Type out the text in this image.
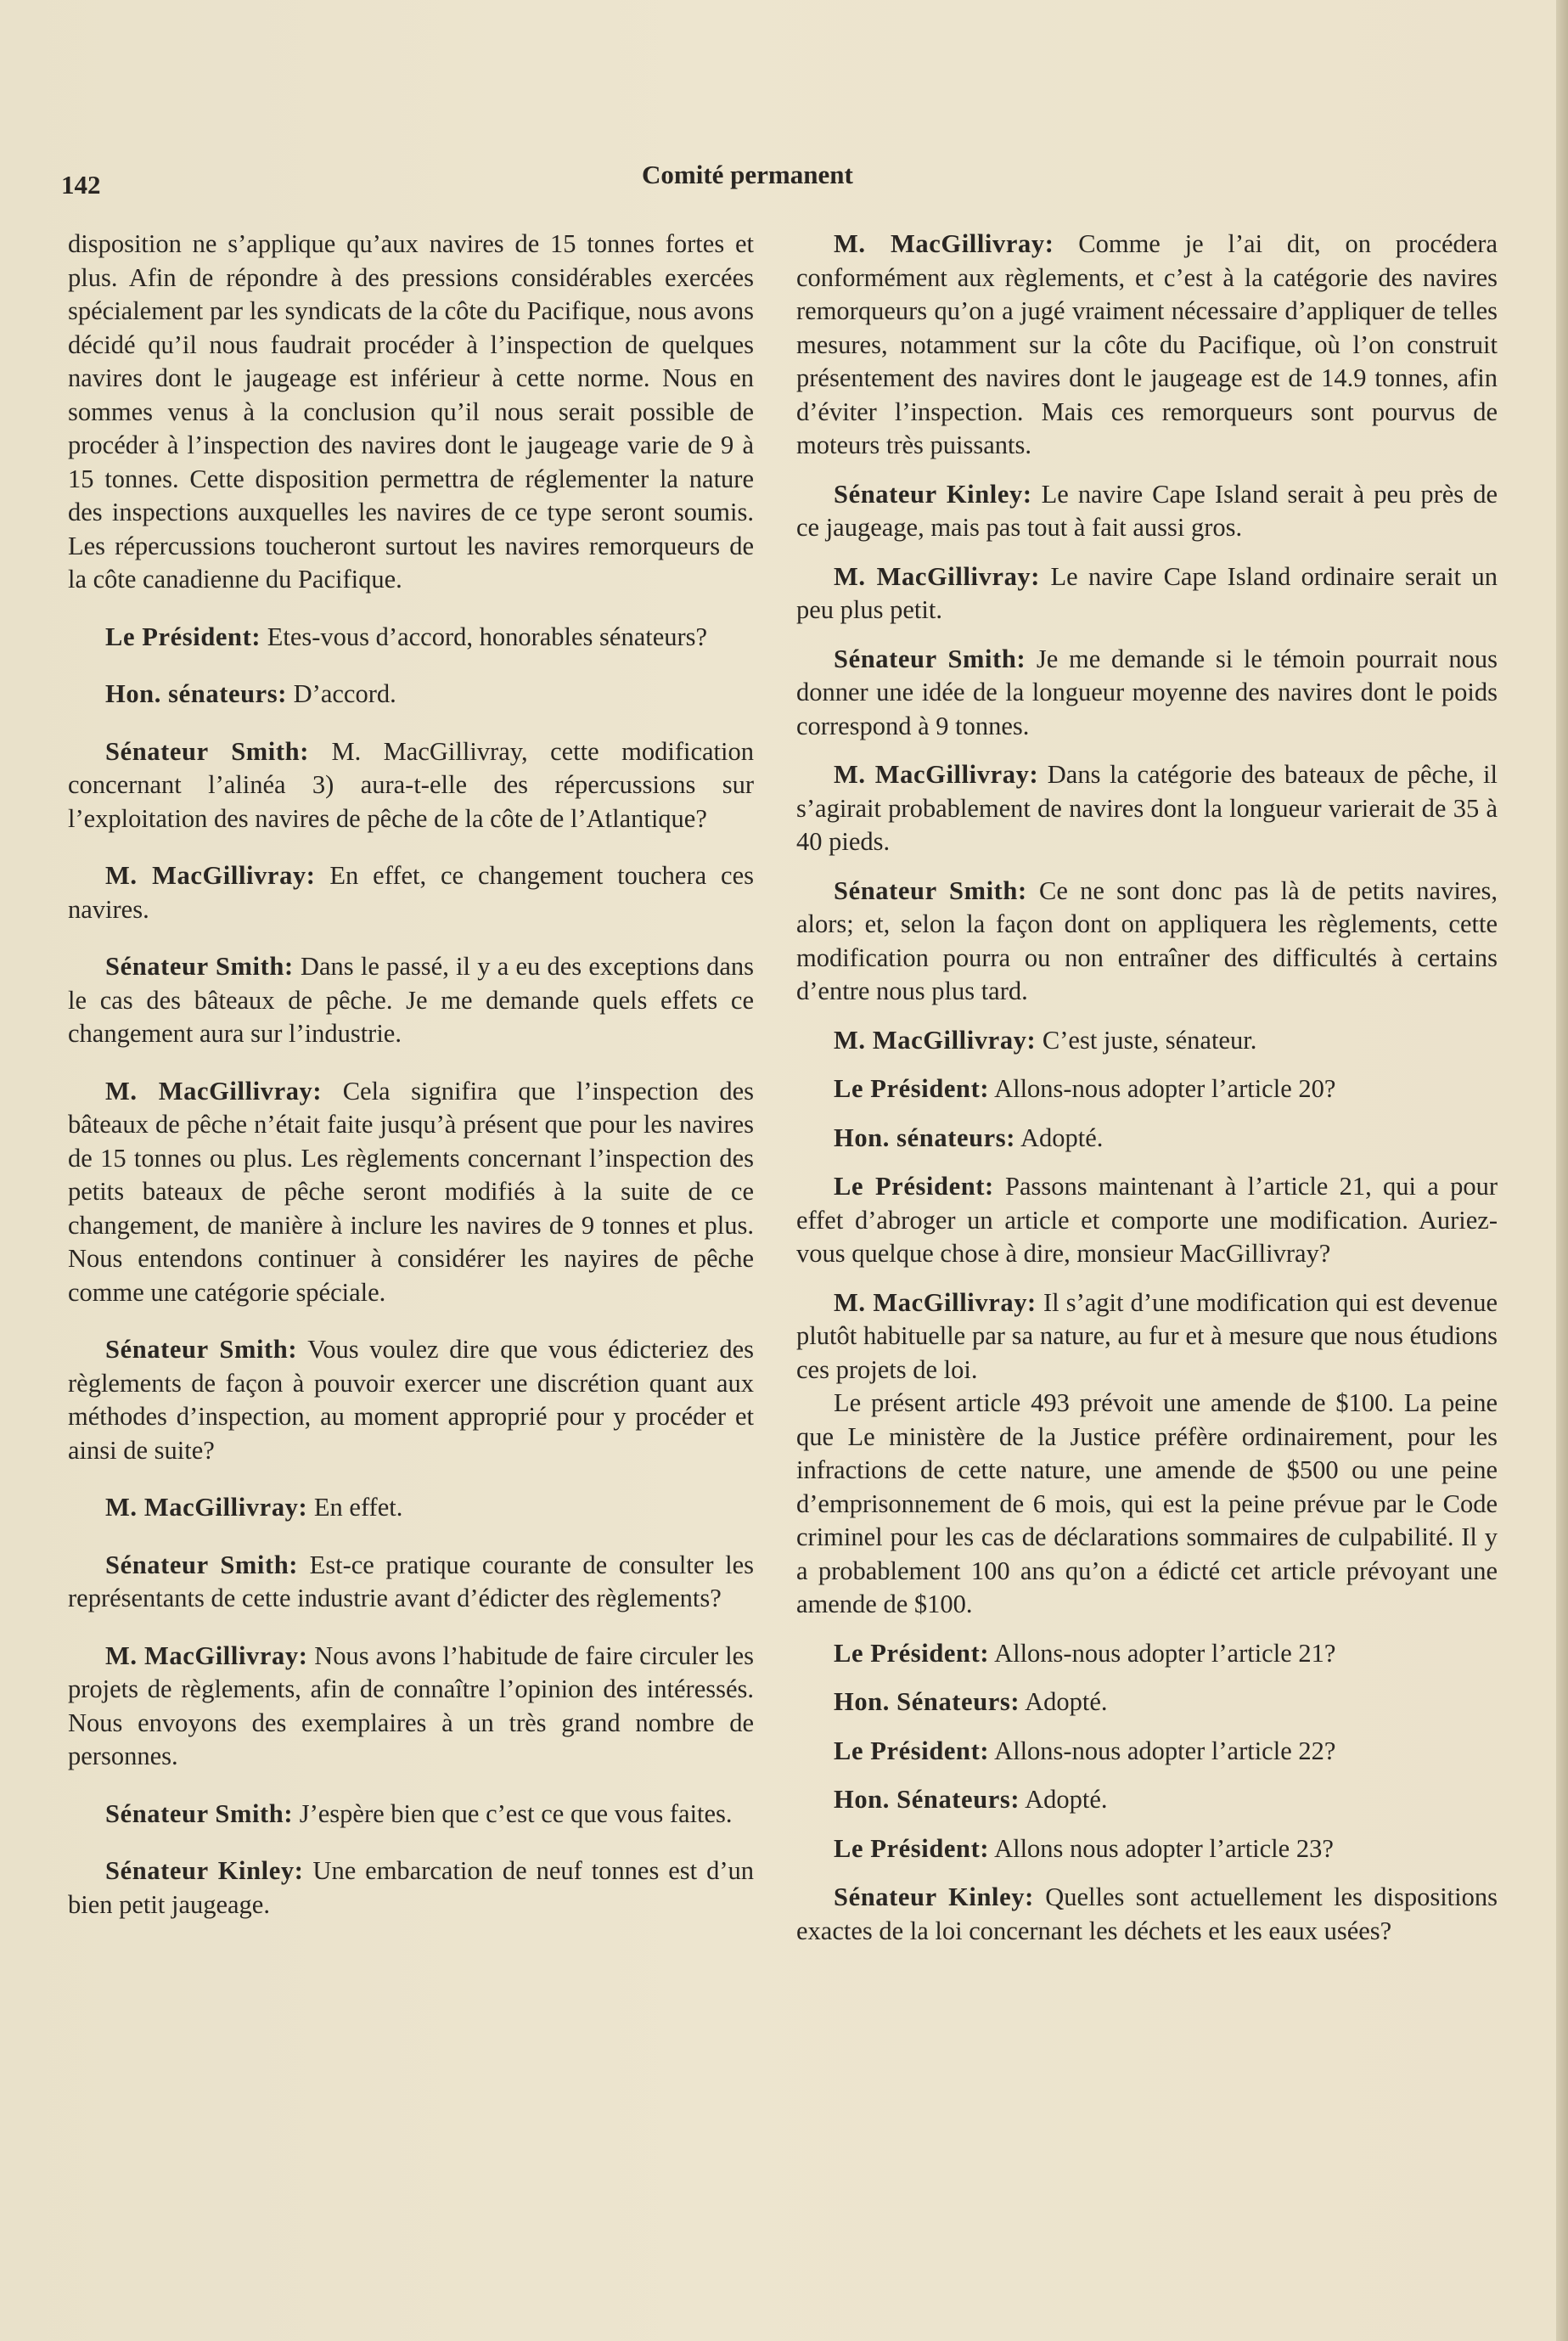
142	Comité permanent

disposition ne s’applique qu’aux navires de 15 tonnes fortes et plus. Afin de répondre à des pressions considérables exercées spécialement par les syndicats de la côte du Pacifique, nous avons décidé qu’il nous faudrait procéder à l’inspection de quelques navires dont le jaugeage est inférieur à cette norme. Nous en sommes venus à la conclusion qu’il nous serait possible de procéder à l’inspection des navires dont le jaugeage varie de 9 à 15 tonnes. Cette disposition permettra de réglementer la nature des inspections auxquelles les navires de ce type seront soumis. Les répercussions toucheront surtout les navires remorqueurs de la côte canadienne du Pacifique.

Le Président: Etes-vous d’accord, honorables sénateurs?

Hon. sénateurs: D’accord.

Sénateur Smith: M. MacGillivray, cette modification concernant l’alinéa 3) aura-t-elle des répercussions sur l’exploitation des navires de pêche de la côte de l’Atlantique?

M. MacGillivray: En effet, ce changement touchera ces navires.

Sénateur Smith: Dans le passé, il y a eu des exceptions dans le cas des bâteaux de pêche. Je me demande quels effets ce changement aura sur l’industrie.

M. MacGillivray: Cela signifira que l’inspection des bâteaux de pêche n’était faite jusqu’à présent que pour les navires de 15 tonnes ou plus. Les règlements concernant l’inspection des petits bateaux de pêche seront modifiés à la suite de ce changement, de manière à inclure les navires de 9 tonnes et plus. Nous entendons continuer à considérer les nayires de pêche comme une catégorie spéciale.

Sénateur Smith: Vous voulez dire que vous édicteriez des règlements de façon à pouvoir exercer une discrétion quant aux méthodes d’inspection, au moment approprié pour y procéder et ainsi de suite?

M. MacGillivray: En effet.

Sénateur Smith: Est-ce pratique courante de consulter les représentants de cette industrie avant d’édicter des règlements?

M. MacGillivray: Nous avons l’habitude de faire circuler les projets de règlements, afin de connaître l’opinion des intéressés. Nous envoyons des exemplaires à un très grand nombre de personnes.

Sénateur Smith: J’espère bien que c’est ce que vous faites.

Sénateur Kinley: Une embarcation de neuf tonnes est d’un bien petit jaugeage.

M. MacGillivray: Comme je l’ai dit, on procédera conformément aux règlements, et c’est à la catégorie des navires remorqueurs qu’on a jugé vraiment nécessaire d’appliquer de telles mesures, notamment sur la côte du Pacifique, où l’on construit présentement des navires dont le jaugeage est de 14.9 tonnes, afin d’éviter l’inspection. Mais ces remorqueurs sont pourvus de moteurs très puissants.

Sénateur Kinley: Le navire Cape Island serait à peu près de ce jaugeage, mais pas tout à fait aussi gros.

M. MacGillivray: Le navire Cape Island ordinaire serait un peu plus petit.

Sénateur Smith: Je me demande si le témoin pourrait nous donner une idée de la longueur moyenne des navires dont le poids correspond à 9 tonnes.

M. MacGillivray: Dans la catégorie des bateaux de pêche, il s’agirait probablement de navires dont la longueur varierait de 35 à 40 pieds.

Sénateur Smith: Ce ne sont donc pas là de petits navires, alors; et, selon la façon dont on appliquera les règlements, cette modification pourra ou non entraîner des difficultés à certains d’entre nous plus tard.

M. MacGillivray: C’est juste, sénateur.

Le Président: Allons-nous adopter l’article 20?

Hon. sénateurs: Adopté.

Le Président: Passons maintenant à l’article 21, qui a pour effet d’abroger un article et comporte une modification. Auriez-vous quelque chose à dire, monsieur MacGillivray?

M. MacGillivray: Il s’agit d’une modification qui est devenue plutôt habituelle par sa nature, au fur et à mesure que nous étudions ces projets de loi.

Le présent article 493 prévoit une amende de $100. La peine que Le ministère de la Justice préfère ordinairement, pour les infractions de cette nature, une amende de $500 ou une peine d’emprisonnement de 6 mois, qui est la peine prévue par le Code criminel pour les cas de déclarations sommaires de culpabilité. Il y a probablement 100 ans qu’on a édicté cet article prévoyant une amende de $100.

Le Président: Allons-nous adopter l’article 21?

Hon. Sénateurs: Adopté.

Le Président: Allons-nous adopter l’article 22?

Hon. Sénateurs: Adopté.

Le Président: Allons nous adopter l’article 23?

Sénateur Kinley: Quelles sont actuellement les dispositions exactes de la loi concernant les déchets et les eaux usées?
